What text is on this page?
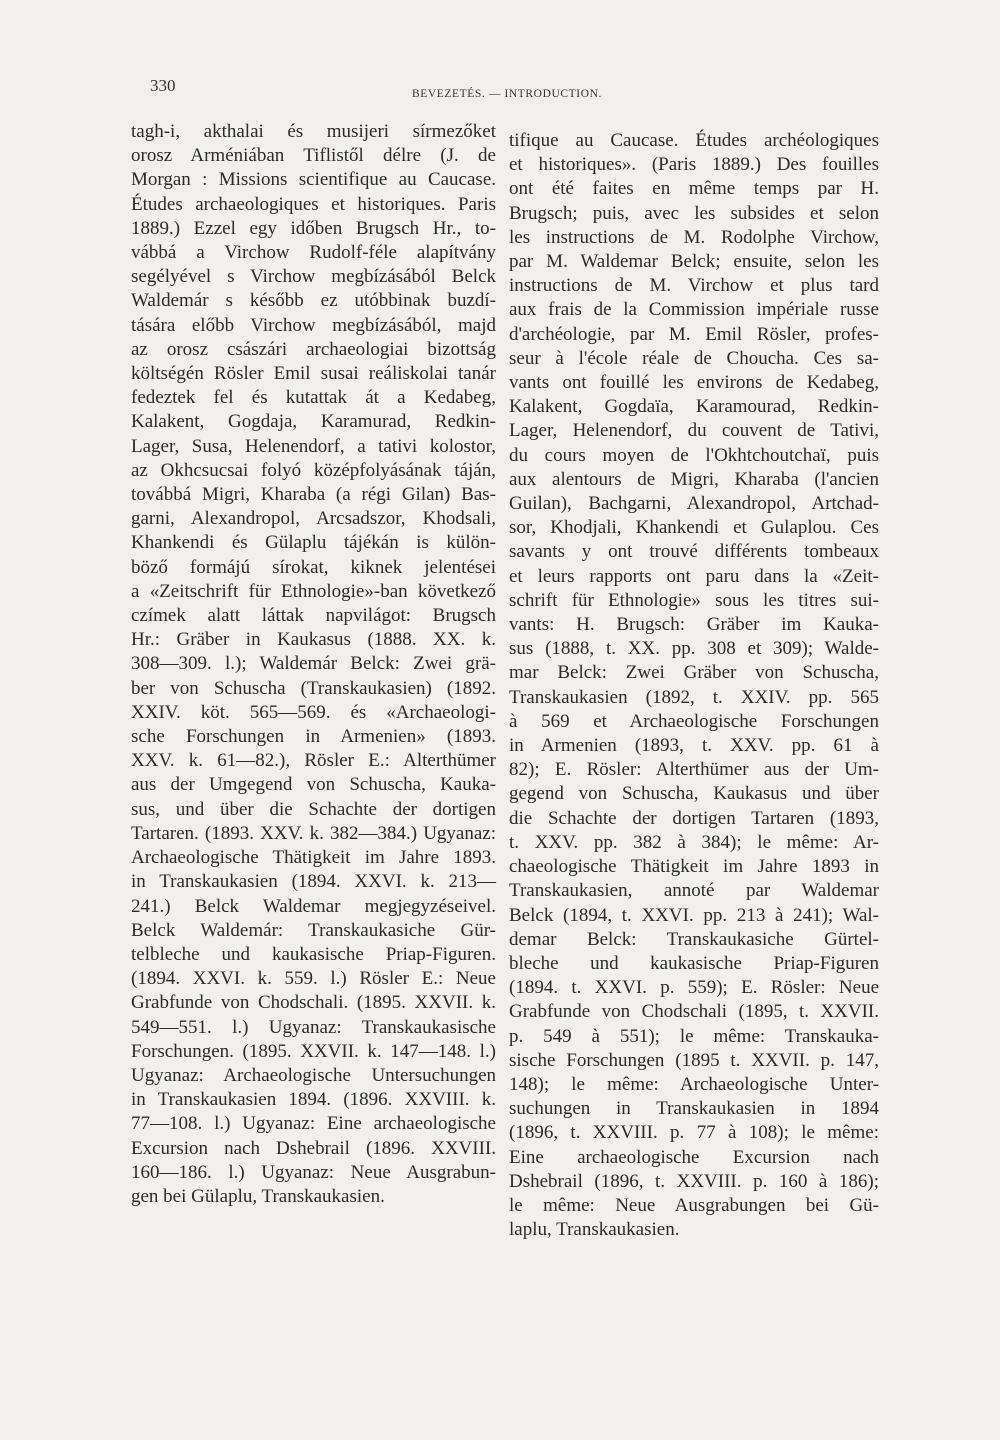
330	BEVEZETÉS. — INTRODUCTION.
tagh-i, akthalai és musijeri sírmezőket
orosz Arméniában Tiflistől délre (J. de
Morgan : Missions scientifique au Caucase.
Études archaeologiques et historiques. Paris
1889.) Ezzel egy időben Brugsch Hr., to-
vábbá a Virchow Rudolf-féle alapítvány
segélyével s Virchow megbízásából Belck
Waldemár s később ez utóbbinak buzdí-
tására előbb Virchow megbízásából, majd
az orosz császári archaeologiai bizottság
költségén Rösler Emil susai reáliskolai tanár
fedeztek fel és kutattak át a Kedabeg,
Kalakent, Gogdaja, Karamurad, Redkin-
Lager, Susa, Helenendorf, a tativi kolostor,
az Okhcsucsai folyó középfolyásának táján,
továbbá Migri, Kharaba (a régi Gilan) Bas-
garni, Alexandropol, Arcsadszor, Khodsali,
Khankendi és Gülaplu tájékán is külön-
böző formájú sírokat, kiknek jelentései
a «Zeitschrift für Ethnologie»-ban következő
czímek alatt láttak napvilágot: Brugsch
Hr.: Gräber in Kaukasus (1888. XX. k.
308—309. l.); Waldemár Belck: Zwei grä-
ber von Schuscha (Transkaukasien) (1892.
XXIV. köt. 565—569. és «Archaeologi-
sche Forschungen in Armenien» (1893.
XXV. k. 61—82.), Rösler E.: Alterthümer
aus der Umgegend von Schuscha, Kauka-
sus, und über die Schachte der dortigen
Tartaren. (1893. XXV. k. 382—384.) Ugyanaz:
Archaeologische Thätigkeit im Jahre 1893.
in Transkaukasien (1894. XXVI. k. 213—
241.) Belck Waldemar megjegyzéseivel.
Belck Waldemár: Transkaukasiche Gür-
telbleche und kaukasische Priap-Figuren.
(1894. XXVI. k. 559. l.) Rösler E.: Neue
Grabfunde von Chodschali. (1895. XXVII. k.
549—551. l.) Ugyanaz: Transkaukasische
Forschungen. (1895. XXVII. k. 147—148. l.)
Ugyanaz: Archaeologische Untersuchungen
in Transkaukasien 1894. (1896. XXVIII. k.
77—108. l.) Ugyanaz: Eine archaeologische
Excursion nach Dshebrail (1896. XXVIII.
160—186. l.) Ugyanaz: Neue Ausgrabun-
gen bei Gülaplu, Transkaukasien.
tifique au Caucase. Études archéologiques
et historiques». (Paris 1889.) Des fouilles
ont été faites en même temps par H.
Brugsch; puis, avec les subsides et selon
les instructions de M. Rodolphe Virchow,
par M. Waldemar Belck; ensuite, selon les
instructions de M. Virchow et plus tard
aux frais de la Commission impériale russe
d'archéologie, par M. Emil Rösler, profes-
seur à l'école réale de Choucha. Ces sa-
vants ont fouillé les environs de Kedabeg,
Kalakent, Gogdaïa, Karamourad, Redkin-
Lager, Helenendorf, du couvent de Tativi,
du cours moyen de l'Okhtchoutchaï, puis
aux alentours de Migri, Kharaba (l'ancien
Guilan), Bachgarni, Alexandropol, Artchad-
sor, Khodjali, Khankendi et Gulaplou. Ces
savants y ont trouvé différents tombeaux
et leurs rapports ont paru dans la «Zeit-
schrift für Ethnologie» sous les titres sui-
vants: H. Brugsch: Gräber im Kauka-
sus (1888, t. XX. pp. 308 et 309); Walde-
mar Belck: Zwei Gräber von Schuscha,
Transkaukasien (1892, t. XXIV. pp. 565
à 569 et Archaeologische Forschungen
in Armenien (1893, t. XXV. pp. 61 à
82); E. Rösler: Alterthümer aus der Um-
gegend von Schuscha, Kaukasus und über
die Schachte der dortigen Tartaren (1893,
t. XXV. pp. 382 à 384); le même: Ar-
chaeologische Thätigkeit im Jahre 1893 in
Transkaukasien, annoté par Waldemar
Belck (1894, t. XXVI. pp. 213 à 241); Wal-
demar Belck: Transkaukasiche Gürtel-
bleche und kaukasische Priap-Figuren
(1894. t. XXVI. p. 559); E. Rösler: Neue
Grabfunde von Chodschali (1895, t. XXVII.
p. 549 à 551); le même: Transkauka-
sische Forschungen (1895 t. XXVII. p. 147,
148); le même: Archaeologische Unter-
suchungen in Transkaukasien in 1894
(1896, t. XXVIII. p. 77 à 108); le même:
Eine archaeologische Excursion nach
Dshebrail (1896, t. XXVIII. p. 160 à 186);
le même: Neue Ausgrabungen bei Gü-
laplu, Transkaukasien.
